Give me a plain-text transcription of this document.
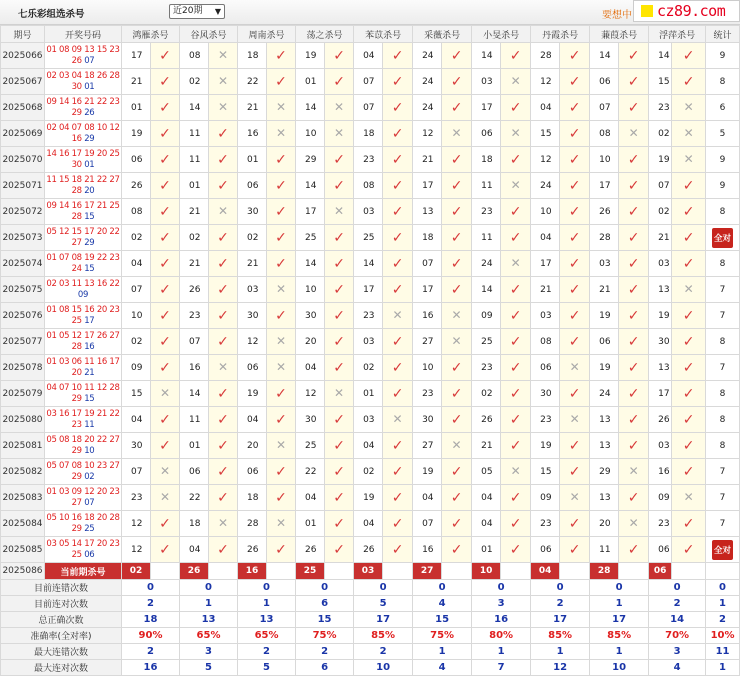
七乐彩组选杀号	近20期 ▼	要想中 cz89.com
期号	开奖号码	鸿雁杀号		谷风杀号		周南杀号		荡之杀号		苯苡杀号		采薇杀号		小旻杀号		丹霞杀号		蒹葭杀号		浮萍杀号		统计
2025066	01 08 09 13 15 23 26 07	17	✓	08	✕	18	✓	19	✓	04	✓	24	✓	14	✓	28	✓	14	✓	14	✓	9
2025067	02 03 04 18 26 28 30 01	21	✓	02	✕	22	✓	01	✓	07	✓	24	✓	03	✕	12	✓	06	✓	15	✓	8
2025068	09 14 16 21 22 23 29 26	01	✓	14	✕	21	✕	14	✕	07	✓	24	✓	17	✓	04	✓	07	✓	23	✕	6
2025069	02 04 07 08 10 12 16 29	19	✓	11	✓	16	✕	10	✕	18	✓	12	✕	06	✕	15	✓	08	✕	02	✕	5
2025070	14 16 17 19 20 25 30 01	06	✓	11	✓	01	✓	29	✓	23	✓	21	✓	18	✓	12	✓	10	✓	19	✕	9
2025071	11 15 18 21 22 27 28 20	26	✓	01	✓	06	✓	14	✓	08	✓	17	✓	11	✕	24	✓	17	✓	07	✓	9
2025072	09 14 16 17 21 25 28 15	08	✓	21	✕	30	✓	17	✕	03	✓	13	✓	23	✓	10	✓	26	✓	02	✓	8
2025073	05 12 15 17 20 22 27 29	02	✓	02	✓	02	✓	25	✓	25	✓	18	✓	11	✓	04	✓	28	✓	21	✓	全对
2025074	01 07 08 19 22 23 24 15	04	✓	21	✓	21	✓	14	✓	14	✓	07	✓	24	✕	17	✓	03	✓	03	✓	8
2025075	02 03 11 13 16 22 09	07	✓	26	✓	03	✕	10	✓	17	✓	17	✓	14	✓	21	✓	21	✓	13	✕	7
2025076	01 08 15 16 20 23 25 17	10	✓	23	✓	30	✓	30	✓	23	✕	16	✕	09	✓	03	✓	19	✓	19	✓	7
2025077	01 05 12 17 26 27 28 16	02	✓	07	✓	12	✕	20	✓	03	✓	27	✕	25	✓	08	✓	06	✓	30	✓	8
2025078	01 03 06 11 16 17 20 21	09	✓	16	✕	06	✕	04	✓	02	✓	10	✓	23	✓	06	✕	19	✓	13	✓	7
2025079	04 07 10 11 12 28 29 15	15	✕	14	✓	19	✓	12	✕	01	✓	23	✓	02	✓	30	✓	24	✓	17	✓	8
2025080	03 16 17 19 21 22 23 11	04	✓	11	✓	04	✓	30	✓	03	✕	30	✓	26	✓	23	✕	13	✓	26	✓	8
2025081	05 08 18 20 22 27 29 10	30	✓	01	✓	20	✕	25	✓	04	✓	27	✕	21	✓	19	✓	13	✓	03	✓	8
2025082	05 07 08 10 23 27 29 02	07	✕	06	✓	06	✓	22	✓	02	✓	19	✓	05	✕	15	✓	29	✕	16	✓	7
2025083	01 03 09 12 20 23 27 07	23	✕	22	✓	18	✓	04	✓	19	✓	04	✓	04	✓	09	✕	13	✓	09	✕	7
2025084	05 10 16 18 20 28 29 25	12	✓	18	✕	28	✕	01	✓	04	✓	07	✓	04	✓	23	✓	20	✕	23	✓	7
2025085	03 05 14 17 20 23 25 06	12	✓	04	✓	26	✓	26	✓	26	✓	16	✓	01	✓	06	✓	11	✓	06	✓	全对
2025086	当前期杀号	02		26		16		25		03		27		10		04		28		06		
目前连错次数		0		0		0		0		0		0		0		0		0		0		0
目前连对次数		2		1		1		6		5		4		3		2		1		2		1
总正确次数		18		13		13		15		17		15		16		17		17		14		2
准确率(全对率)		90%		65%		65%		75%		85%		75%		80%		85%		85%		70%		10%
最大连错次数		2		3		2		2		2		1		1		1		1		3		11
最大连对次数		16		5		5		6		10		4		7		12		10		4		1
